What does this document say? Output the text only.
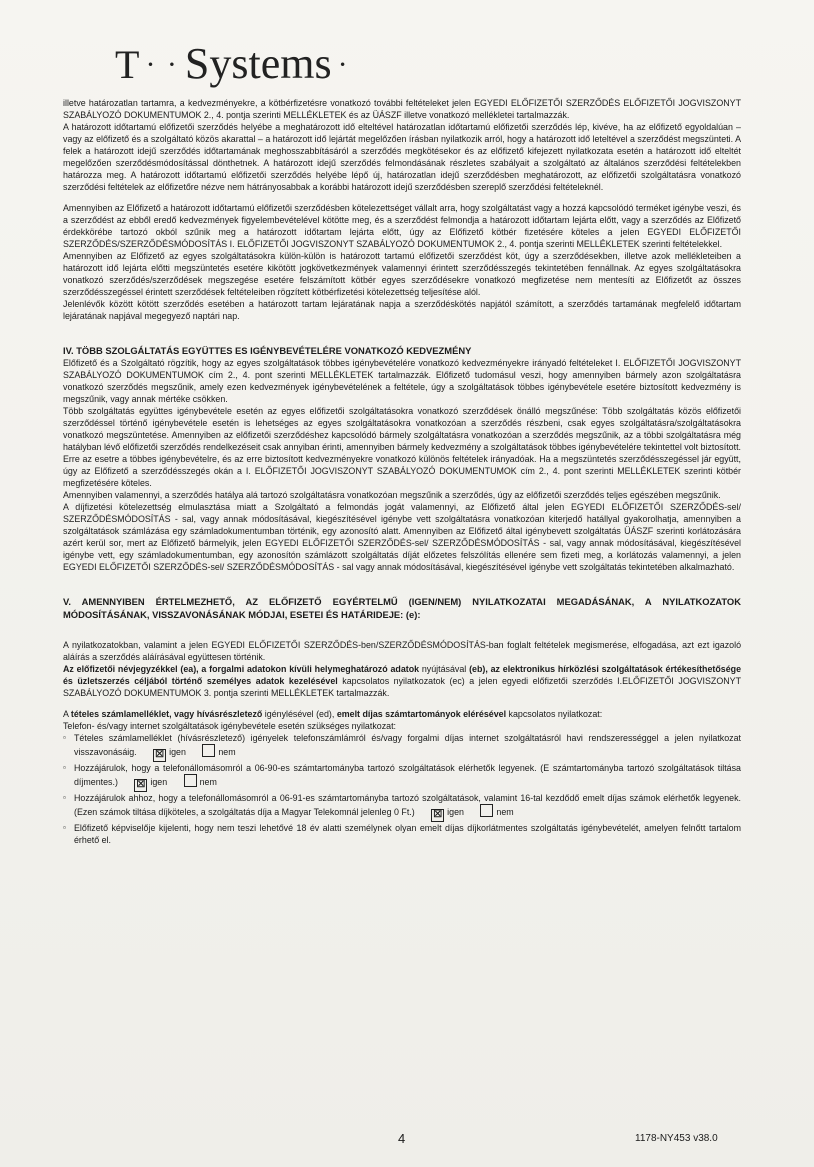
T · · Systems ·

illetve határozatlan tartamra, a kedvezményekre, a kötbérfizetésre vonatkozó további feltételeket jelen EGYEDI ELŐFIZETŐI SZERZŐDÉS ELŐFIZETŐI JOGVISZONYT SZABÁLYOZÓ DOKUMENTUMOK 2., 4. pontja szerinti MELLÉKLETEK és az ÜÁSZF illetve vonatkozó mellékletei tartalmazzák.

A határozott időtartamú előfizetői szerződés helyébe a meghatározott idő elteltével határozatlan időtartamú előfizetői szerződés lép, kivéve, ha az előfizető egyoldalúan – vagy az előfizető és a szolgáltató közös akarattal – a határozott idő lejártát megelőzően írásban nyilatkozik arról, hogy a határozott idő leteltével a szerződést megszünteti. A felek a határozott idejű szerződés időtartamának meghosszabbításáról a szerződés megkötésekor és az előfizető kifejezett nyilatkozata esetén a határozott idő elteltét megelőzően szerződésmódosítással dönthetnek. A határozott idejű szerződés felmondásának részletes szabályait a szolgáltató az általános szerződési feltételekben határozza meg. A határozott időtartamú előfizetői szerződés helyébe lépő új, határozatlan idejű szerződésben meghatározott, az előfizetői szolgáltatásra vonatkozó szerződési feltételek az előfizetőre nézve nem hátrányosabbak a korábbi határozott idejű szerződésben szereplő szerződési feltételeknél.

Amennyiben az Előfizető a határozott időtartamú előfizetői szerződésben kötelezettséget vállalt arra, hogy szolgáltatást vagy a hozzá kapcsolódó terméket igénybe veszi, és a szerződést az ebből eredő kedvezmények figyelembevételével kötötte meg, és a szerződést felmondja a határozott időtartam lejárta előtt, vagy a szerződés az Előfizető érdekkörébe tartozó okból szűnik meg a határozott időtartam lejárta előtt, úgy az Előfizető kötbér fizetésére köteles a jelen EGYEDI ELŐFIZETŐI SZERZŐDÉS/SZERZŐDÉSMÓDOSÍTÁS I. ELŐFIZETŐI JOGVISZONYT SZABÁLYOZÓ DOKUMENTUMOK 2., 4. pontja szerinti MELLÉKLETEK szerinti feltételekkel.

Amennyiben az Előfizető az egyes szolgáltatásokra külön-külön is határozott tartamú előfizetői szerződést köt, úgy a szerződésekben, illetve azok mellékleteiben a határozott idő lejárta előtti megszüntetés esetére kikötött jogkövetkezmények valamennyi érintett szerződésszegés tekintetében fennállnak. Az egyes szolgáltatásokra vonatkozó szerződés/szerződések megszegése esetére felszámított kötbér egyes szerződésekre vonatkozó megfizetése nem mentesíti az Előfizetőt az összes szerződésszegéssel érintett szerződések feltételeiben rögzített kötbérfizetési kötelezettség teljesítése alól.

Jelenlévők között kötött szerződés esetében a határozott tartam lejáratának napja a szerződéskötés napjától számított, a szerződés tartamának megfelelő időtartam lejáratának napjával megegyező naptári nap.

IV. TÖBB SZOLGÁLTATÁS EGYÜTTES ES IGÉNYBEVÉTELÉRE VONATKOZÓ KEDVEZMÉNY

Előfizető és a Szolgáltató rögzítik, hogy az egyes szolgáltatások többes igénybevételére vonatkozó kedvezményekre irányadó feltételeket I. ELŐFIZETŐI JOGVISZONYT SZABÁLYOZÓ DOKUMENTUMOK cím 2., 4. pont szerinti MELLÉKLETEK tartalmazzák. Előfizető tudomásul veszi, hogy amennyiben bármely azon szolgáltatásra vonatkozó szerződés megszűnik, amely ezen kedvezmények igénybevételének a feltétele, úgy a szolgáltatások többes igénybevétele esetére biztosított kedvezmény is megszűnik, vagy annak mértéke csökken.

Több szolgáltatás együttes igénybevétele esetén az egyes előfizetői szolgáltatásokra vonatkozó szerződések önálló megszűnése: Több szolgáltatás közös előfizetői szerződéssel történő igénybevétele esetén is lehetséges az egyes szolgáltatásokra vonatkozóan a szerződés részbeni, csak egyes szolgáltatásra/szolgáltatásokra vonatkozó megszüntetése. Amennyiben az előfizetői szerződéshez kapcsolódó bármely szolgáltatásra vonatkozóan a szerződés megszűnik, az a többi szolgáltatásra még hatályban lévő előfizetői szerződés rendelkezéseit csak annyiban érinti, amennyiben bármely kedvezmény a szolgáltatások többes igénybevételére tekintettel volt biztosított. Erre az esetre a többes igénybevételre, és az erre biztosított kedvezményekre vonatkozó különös feltételek irányadóak. Ha a megszüntetés szerződésszegéssel jár együtt, úgy az Előfizető a szerződésszegés okán a I. ELŐFIZETŐI JOGVISZONYT SZABÁLYOZÓ DOKUMENTUMOK cím 2., 4. pont szerinti MELLÉKLETEK szerinti kötbér megfizetésére köteles.

Amennyiben valamennyi, a szerződés hatálya alá tartozó szolgáltatásra vonatkozóan megszűnik a szerződés, úgy az előfizetői szerződés teljes egészében megszűnik.

A díjfizetési kötelezettség elmulasztása miatt a Szolgáltató a felmondás jogát valamennyi, az Előfizető által jelen EGYEDI ELŐFIZETŐI SZERZŐDÉS-sel/ SZERZŐDÉSMÓDOSÍTÁS - sal, vagy annak módosításával, kiegészítésével igénybe vett szolgáltatásra vonatkozóan kiterjedő hatállyal gyakorolhatja, amennyiben a szolgáltatások számlázása egy számladokumentumban történik, egy azonosító alatt. Amennyiben az Előfizető által igénybevett szolgáltatás ÜÁSZF szerinti korlátozására azért kerül sor, mert az Előfizető bármelyik, jelen EGYEDI ELŐFIZETŐI SZERZŐDÉS-sel/ SZERZŐDÉSMÓDOSÍTÁS - sal, vagy annak módosításával, kiegészítésével igénybe vett, egy számladokumentumban, egy azonosítón számlázott szolgáltatás díját előzetes felszólítás ellenére sem fizeti meg, a korlátozás valamennyi, a jelen EGYEDI ELŐFIZETŐI SZERZŐDÉS-sel/ SZERZŐDÉSMÓDOSÍTÁS - sal vagy annak módosításával, kiegészítésével igénybe vett szolgáltatás tekintetében alkalmazható.

V. AMENNYIBEN ÉRTELMEZHETŐ, AZ ELŐFIZETŐ EGYÉRTELMŰ (IGEN/NEM) NYILATKOZATAI MEGADÁSÁNAK, A NYILATKOZATOK MÓDOSÍTÁSÁNAK, VISSZAVONÁSÁNAK MÓDJAI, ESETEI ÉS HATÁRIDEJE: (e):

A nyilatkozatokban, valamint a jelen EGYEDI ELŐFIZETŐI SZERZŐDÉS-ben/SZERZŐDÉSMÓDOSÍTÁS-ban foglalt feltételek megismerése, elfogadása, azt ezt igazoló aláírás a szerződés aláírásával együttesen történik.

Az előfizetői névjegyzékkel (ea), a forgalmi adatokon kívüli helymeghatározó adatok nyújtásával (eb), az elektronikus hírközlési szolgáltatások értékesíthetősége és üzletszerzés céljából történő személyes adatok kezelésével kapcsolatos nyilatkozatok (ec) a jelen egyedi előfizetői szerződés I.ELŐFIZETŐI JOGVISZONYT SZABÁLYOZÓ DOKUMENTUMOK 3. pontja szerinti MELLÉKLETEK tartalmazzák.

A tételes számlamelléklet, vagy hívásrészletező igénylésével (ed), emelt díjas számtartományok elérésével kapcsolatos nyilatkozat:

Telefon- és/vagy internet szolgáltatások igénybevétele esetén szükséges nyilatkozat:

▫ Tételes számlamelléklet (hívásrészletező) igényelek telefonszámlámról és/vagy forgalmi díjas internet szolgáltatásról havi rendszerességgel a jelen nyilatkozat visszavonásáig. ☒ igen	nem
▫ Hozzájárulok, hogy a telefonállomásomról a 06-90-es számtartományba tartozó szolgáltatások elérhetők legyenek. (E számtartományba tartozó szolgáltatások tiltása díjmentes.) ☒ igen	nem
▫ Hozzájárulok ahhoz, hogy a telefonállomásomról a 06-91-es számtartományba tartozó szolgáltatások, valamint 16-tal kezdődő emelt díjas számok elérhetők legyenek. (Ezen számok tiltása díjköteles, a szolgáltatás díja a Magyar Telekomnál jelenleg 0 Ft.) ☒ igen	nem
▫ Előfizető képviselője kijelenti, hogy nem teszi lehetővé 18 év alatti személynek olyan emelt díjas díjkorlátmentes szolgáltatás igénybevételét, amelyen felnőtt tartalom érhető el.
4	1178-NY453 v38.0
